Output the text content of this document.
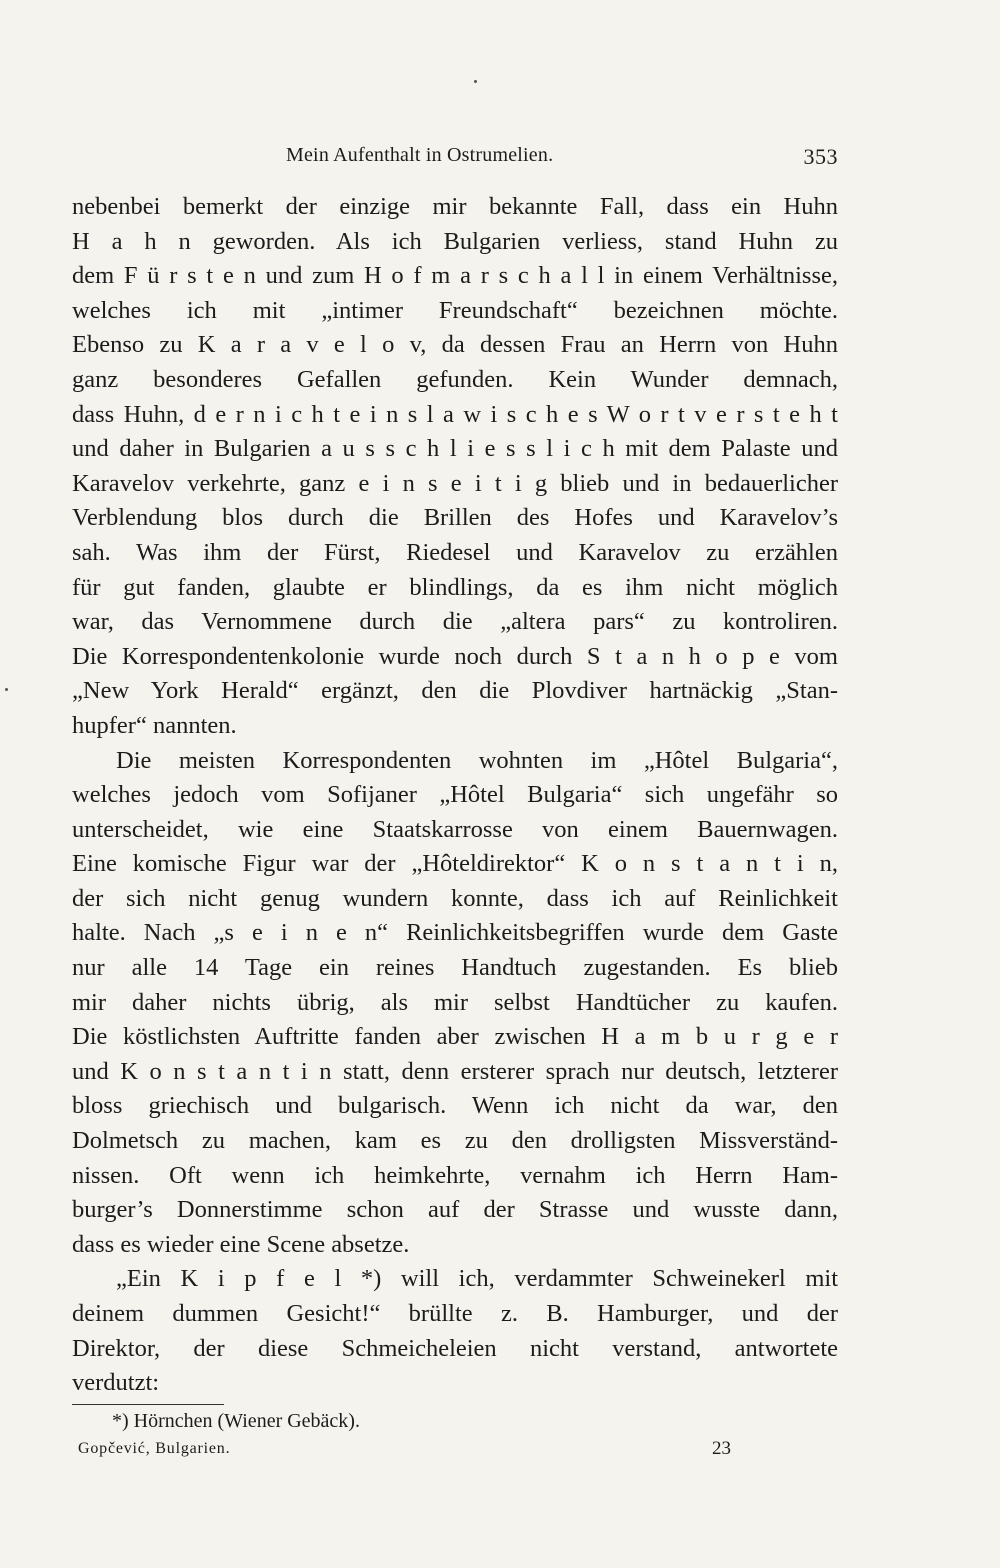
Mein Aufenthalt in Ostrumelien.	353
nebenbei bemerkt der einzige mir bekannte Fall, dass ein Huhn
H a h n geworden. Als ich Bulgarien verliess, stand Huhn zu
dem F ü r s t e n und zum H o f m a r s c h a l l in einem Verhältnisse,
welches ich mit „intimer Freundschaft“ bezeichnen möchte.
Ebenso zu K a r a v e l o v, da dessen Frau an Herrn von Huhn
ganz besonderes Gefallen gefunden. Kein Wunder demnach,
dass Huhn, d e r n i c h t e i n s l a w i s c h e s W o r t v e r s t e h t
und daher in Bulgarien a u s s c h l i e s s l i c h mit dem Palaste und
Karavelov verkehrte, ganz e i n s e i t i g blieb und in bedauerlicher
Verblendung blos durch die Brillen des Hofes und Karavelov’s
sah. Was ihm der Fürst, Riedesel und Karavelov zu erzählen
für gut fanden, glaubte er blindlings, da es ihm nicht möglich
war, das Vernommene durch die „altera pars“ zu kontroliren.
Die Korrespondentenkolonie wurde noch durch S t a n h o p e vom
„New York Herald“ ergänzt, den die Plovdiver hartnäckig „Stan-
hupfer“ nannten.
Die meisten Korrespondenten wohnten im „Hôtel Bulgaria“,
welches jedoch vom Sofijaner „Hôtel Bulgaria“ sich ungefähr so
unterscheidet, wie eine Staatskarrosse von einem Bauernwagen.
Eine komische Figur war der „Hôteldirektor“ K o n s t a n t i n,
der sich nicht genug wundern konnte, dass ich auf Reinlichkeit
halte. Nach „s e i n e n“ Reinlichkeitsbegriffen wurde dem Gaste
nur alle 14 Tage ein reines Handtuch zugestanden. Es blieb
mir daher nichts übrig, als mir selbst Handtücher zu kaufen.
Die köstlichsten Auftritte fanden aber zwischen H a m b u r g e r
und K o n s t a n t i n statt, denn ersterer sprach nur deutsch, letzterer
bloss griechisch und bulgarisch. Wenn ich nicht da war, den
Dolmetsch zu machen, kam es zu den drolligsten Missverständ-
nissen. Oft wenn ich heimkehrte, vernahm ich Herrn Ham-
burger’s Donnerstimme schon auf der Strasse und wusste dann,
dass es wieder eine Scene absetze.
„Ein K i p f e l *) will ich, verdammter Schweinekerl mit
deinem dummen Gesicht!“ brüllte z. B. Hamburger, und der
Direktor, der diese Schmeicheleien nicht verstand, antwortete
verdutzt:
*) Hörnchen (Wiener Gebäck).
Gopčević, Bulgarien.	23
